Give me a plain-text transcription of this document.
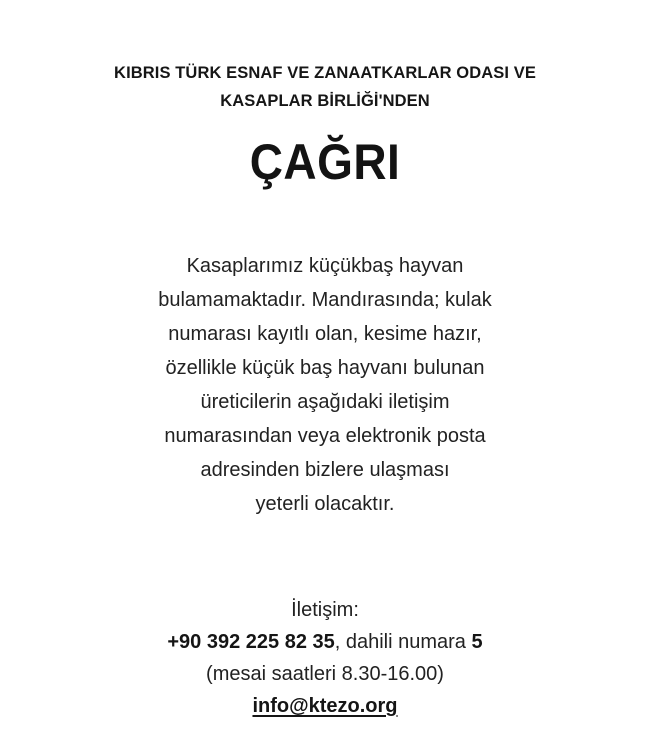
KIBRIS TÜRK ESNAF VE ZANAATKARLAR ODASI VE
KASAPLAR BİRLİĞİ'NDEN
ÇAĞRI
Kasaplarımız küçükbaş hayvan
bulamamaktadır. Mandırasında; kulak
numarası kayıtlı olan, kesime hazır,
özellikle küçük baş hayvanı bulunan
üreticilerin aşağıdaki iletişim
numarasından veya elektronik posta
adresinden bizlere ulaşması
yeterli olacaktır.
İletişim:
+90 392 225 82 35, dahili numara 5
(mesai saatleri 8.30-16.00)
info@ktezo.org
